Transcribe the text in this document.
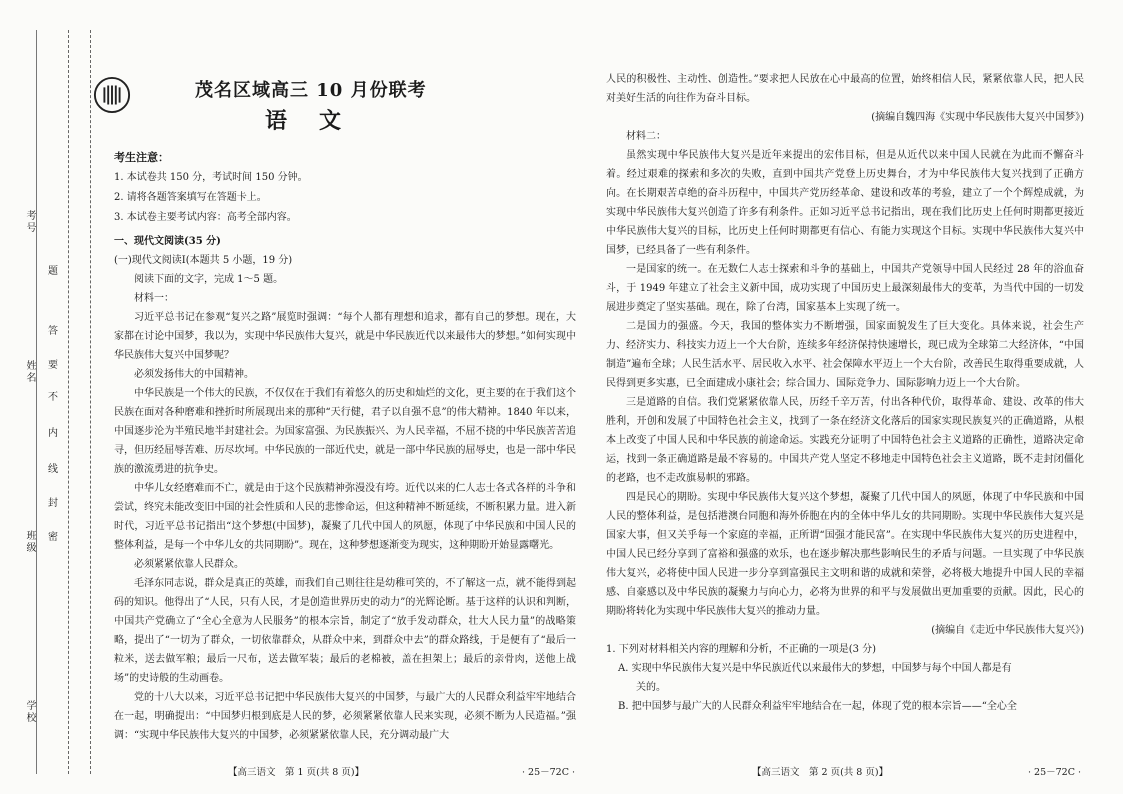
考号
姓名
班级
学校
题
答
要
不
内
线
封
密
茂名区域高三 10 月份联考
语文
考生注意：
1. 本试卷共 150 分，考试时间 150 分钟。
2. 请将各题答案填写在答题卡上。
3. 本试卷主要考试内容：高考全部内容。

一、现代文阅读(35 分)

(一)现代文阅读Ⅰ(本题共 5 小题，19 分)

阅读下面的文字，完成 1～5 题。

材料一：

习近平总书记在参观“复兴之路”展览时强调：“每个人都有理想和追求，都有自己的梦想。现在，大家都在讨论中国梦，我以为，实现中华民族伟大复兴，就是中华民族近代以来最伟大的梦想。”如何实现中华民族伟大复兴中国梦呢？

必须发扬伟大的中国精神。

中华民族是一个伟大的民族，不仅仅在于我们有着悠久的历史和灿烂的文化，更主要的在于我们这个民族在面对各种磨难和挫折时所展现出来的那种“天行健，君子以自强不息”的伟大精神。1840 年以来，中国逐步沦为半殖民地半封建社会。为国家富强、为民族振兴、为人民幸福，不屈不挠的中华民族苦苦追寻，但历经屈辱苦难、历尽坎坷。中华民族的一部近代史，就是一部中华民族的屈辱史，也是一部中华民族的激流勇进的抗争史。

中华儿女经磨难而不亡，就是由于这个民族精神弥漫没有垮。近代以来的仁人志士各式各样的斗争和尝试，终究未能改变旧中国的社会性质和人民的悲惨命运，但这种精神不断延续，不断积累力量。进入新时代，习近平总书记指出“这个梦想(中国梦)，凝聚了几代中国人的夙愿，体现了中华民族和中国人民的整体利益，是每一个中华儿女的共同期盼”。现在，这种梦想逐渐变为现实，这种期盼开始显露曙光。

必须紧紧依靠人民群众。

毛泽东同志说，群众是真正的英雄，而我们自己则往往是幼稚可笑的，不了解这一点，就不能得到起码的知识。他得出了“人民，只有人民，才是创造世界历史的动力”的光辉论断。基于这样的认识和判断，中国共产党确立了“全心全意为人民服务”的根本宗旨，制定了“放手发动群众，壮大人民力量”的战略策略，提出了“一切为了群众，一切依靠群众，从群众中来，到群众中去”的群众路线，于是便有了“最后一粒米，送去做军粮；最后一尺布，送去做军装；最后的老棉被，盖在担架上；最后的亲骨肉，送他上战场”的史诗般的生动画卷。

党的十八大以来，习近平总书记把中华民族伟大复兴的中国梦，与最广大的人民群众利益牢牢地结合在一起，明确提出：“中国梦归根到底是人民的梦，必须紧紧依靠人民来实现，必须不断为人民造福。”强调：“实现中华民族伟大复兴的中国梦，必须紧紧依靠人民，充分调动最广大

【高三语文　第 1 页(共 8 页)】	· 25－72C ·

人民的积极性、主动性、创造性。”要求把人民放在心中最高的位置，始终相信人民，紧紧依靠人民，把人民对美好生活的向往作为奋斗目标。

(摘编自魏四海《实现中华民族伟大复兴中国梦》)

材料二：

虽然实现中华民族伟大复兴是近年来提出的宏伟目标，但是从近代以来中国人民就在为此而不懈奋斗着。经过艰难的探索和多次的失败，直到中国共产党登上历史舞台，才为中华民族伟大复兴找到了正确方向。在长期艰苦卓绝的奋斗历程中，中国共产党历经革命、建设和改革的考验，建立了一个个辉煌成就，为实现中华民族伟大复兴创造了许多有利条件。正如习近平总书记指出，现在我们比历史上任何时期都更接近中华民族伟大复兴的目标，比历史上任何时期都更有信心、有能力实现这个目标。实现中华民族伟大复兴中国梦，已经具备了一些有利条件。

一是国家的统一。在无数仁人志士探索和斗争的基础上，中国共产党领导中国人民经过 28 年的浴血奋斗，于 1949 年建立了社会主义新中国，成功实现了中国历史上最深刻最伟大的变革，为当代中国的一切发展进步奠定了坚实基础。现在，除了台湾，国家基本上实现了统一。

二是国力的强盛。今天，我国的整体实力不断增强，国家面貌发生了巨大变化。具体来说，社会生产力、经济实力、科技实力迈上一个大台阶，连续多年经济保持快速增长，现已成为全球第二大经济体，“中国制造”遍布全球；人民生活水平、居民收入水平、社会保障水平迈上一个大台阶，改善民生取得重要成就，人民得到更多实惠，已全面建成小康社会；综合国力、国际竞争力、国际影响力迈上一个大台阶。

三是道路的自信。我们党紧紧依靠人民，历经千辛万苦，付出各种代价，取得革命、建设、改革的伟大胜利，开创和发展了中国特色社会主义，找到了一条在经济文化落后的国家实现民族复兴的正确道路，从根本上改变了中国人民和中华民族的前途命运。实践充分证明了中国特色社会主义道路的正确性，道路决定命运，找到一条正确道路是最不容易的。中国共产党人坚定不移地走中国特色社会主义道路，既不走封闭僵化的老路，也不走改旗易帜的邪路。

四是民心的期盼。实现中华民族伟大复兴这个梦想，凝聚了几代中国人的夙愿，体现了中华民族和中国人民的整体利益，是包括港澳台同胞和海外侨胞在内的全体中华儿女的共同期盼。实现中华民族伟大复兴是国家大事，但又关乎每一个家庭的幸福，正所谓“国强才能民富”。在实现中华民族伟大复兴的历史进程中，中国人民已经分享到了富裕和强盛的欢乐，也在逐步解决那些影响民生的矛盾与问题。一旦实现了中华民族伟大复兴，必将使中国人民进一步分享到富强民主文明和谐的成就和荣誉，必将极大地提升中国人民的幸福感、自豪感以及中华民族的凝聚力与向心力，必将为世界的和平与发展做出更加重要的贡献。因此，民心的期盼将转化为实现中华民族伟大复兴的推动力量。

(摘编自《走近中华民族伟大复兴》)

1. 下列对材料相关内容的理解和分析，不正确的一项是(3 分)

A. 实现中华民族伟大复兴是中华民族近代以来最伟大的梦想，中国梦与每个中国人都是有

关的。

B. 把中国梦与最广大的人民群众利益牢牢地结合在一起，体现了党的根本宗旨——“全心全

【高三语文　第 2 页(共 8 页)】	· 25－72C ·
